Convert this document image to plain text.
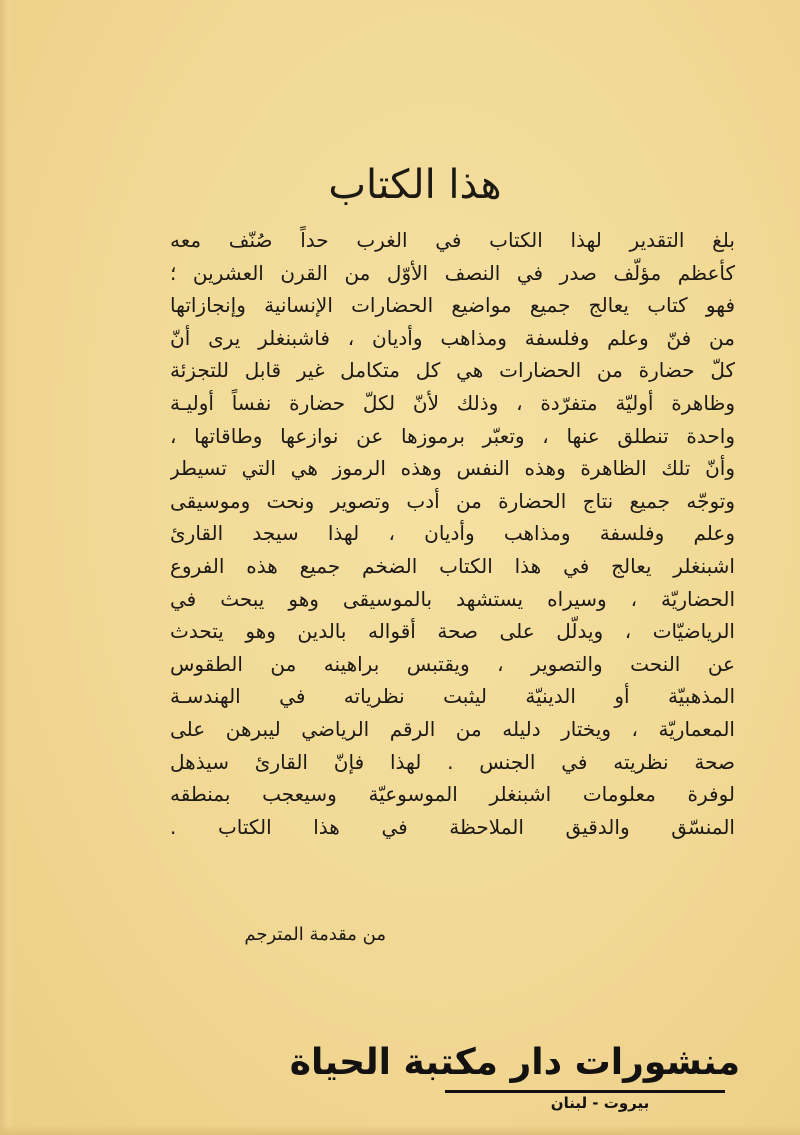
هذا الكتاب
بلغ التقدير لهذا الكتاب في الغرب حداً صُنّف معه
كأعظم مؤلّف صدر في النصف الأوّل من القرن العشرين ؛
فهو كتاب يعالج جميع مواضيع الحضارات الإنسانية وإنجازاتها
من فنّ وعلم وفلسفة ومذاهب وأديان ، فاشبنغلر يرى أنّ
كلّ حضارة من الحضارات هي كل متكامل غير قابل للتجزئة
وظاهرة أوليّة متفرّدة ، وذلك لأنّ لكلّ حضارة نفساً أوليـة
واحدة تنطلق عنها ، وتعبّر برموزها عن نوازعها وطاقاتها ،
وأنّ تلك الظاهرة وهذه النفس وهذه الرموز هي التي تسيطر
وتوجّه جميع نتاج الحضارة من أدب وتصوير ونحت وموسيقى
وعلم وفلسفة ومذاهب وأديان ، لهذا سيجد القارئ
اشبنغلر يعالج في هذا الكتاب الضخم جميع هذه الفروع
الحضاريّة ، وسيراه يستشهد بالموسيقى وهو يبحث في
الرياضيّات ، ويدلّل على صحة أقواله بالدين وهو يتحدث
عن النحت والتصوير ، ويقتبس براهينه من الطقوس
المذهبيّة أو الدينيّة ليثبت نظرياته في الهندسـة
المعماريّة ، ويختار دليله من الرقم الرياضي ليبرهن على
صحة نظريته في الجنس . لهذا فإنّ القارئ سيذهل
لوفرة معلومات اشبنغلر الموسوعيّة وسيعجب بمنطقه
المنسّق والدقيق الملاحظة في هذا الكتاب .
من مقدمة المترجم
منشورات دار مكتبة الحياة
بيروت - لبنان
